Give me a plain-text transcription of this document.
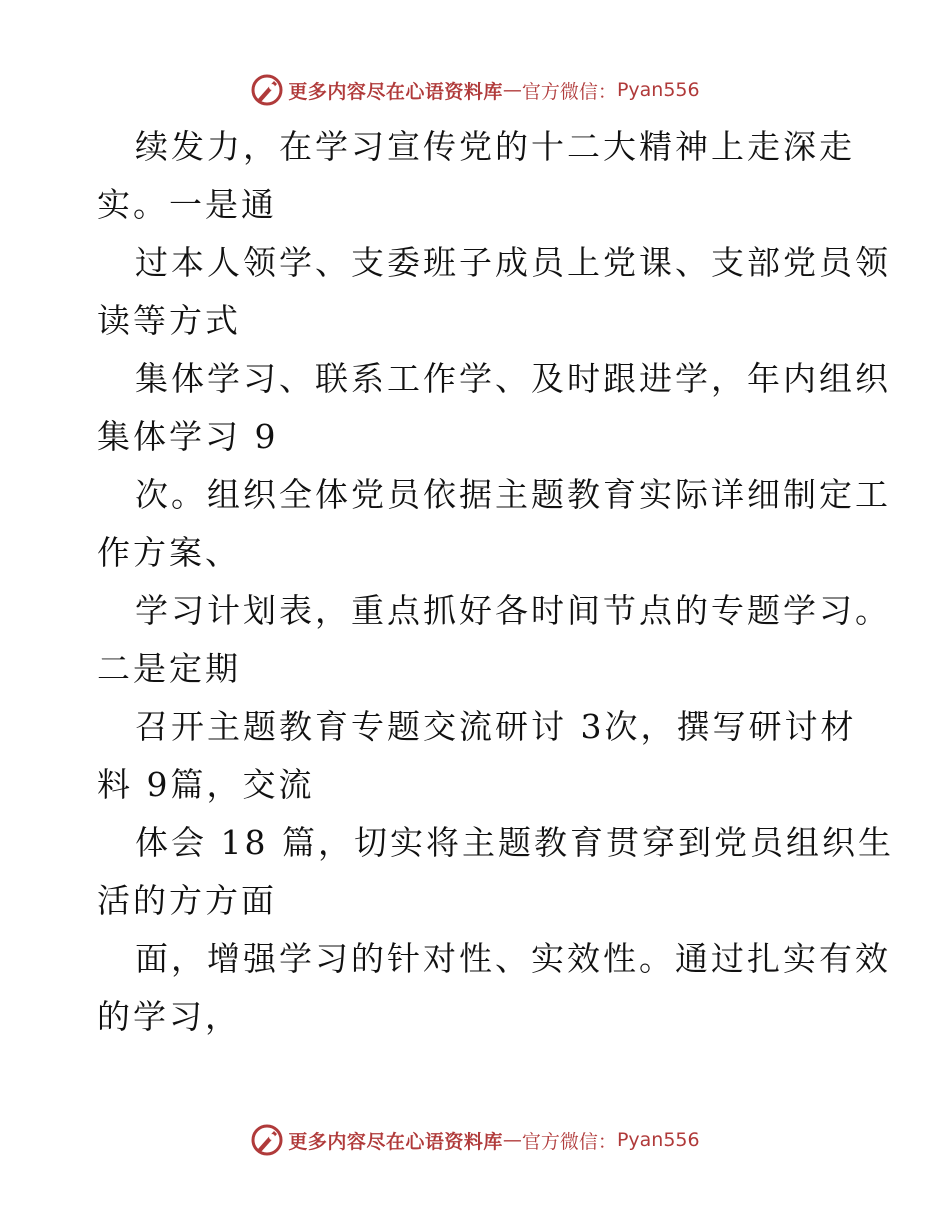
更多内容尽在心语资料库 — 官方微信： Pyan556
续发力，在学习宣传党的十二大精神上走深走
实。一是通
过本人领学、支委班子成员上党课、支部党员领
读等方式
集体学习、联系工作学、及时跟进学，年内组织
集体学习 9
次。组织全体党员依据主题教育实际详细制定工
作方案、
学习计划表，重点抓好各时间节点的专题学习。
二是定期
召开主题教育专题交流研讨 3次，撰写研讨材
料 9篇，交流
体会 18 篇，切实将主题教育贯穿到党员组织生
活的方方面
面，增强学习的针对性、实效性。通过扎实有效
的学习，
更多内容尽在心语资料库 — 官方微信： Pyan556
